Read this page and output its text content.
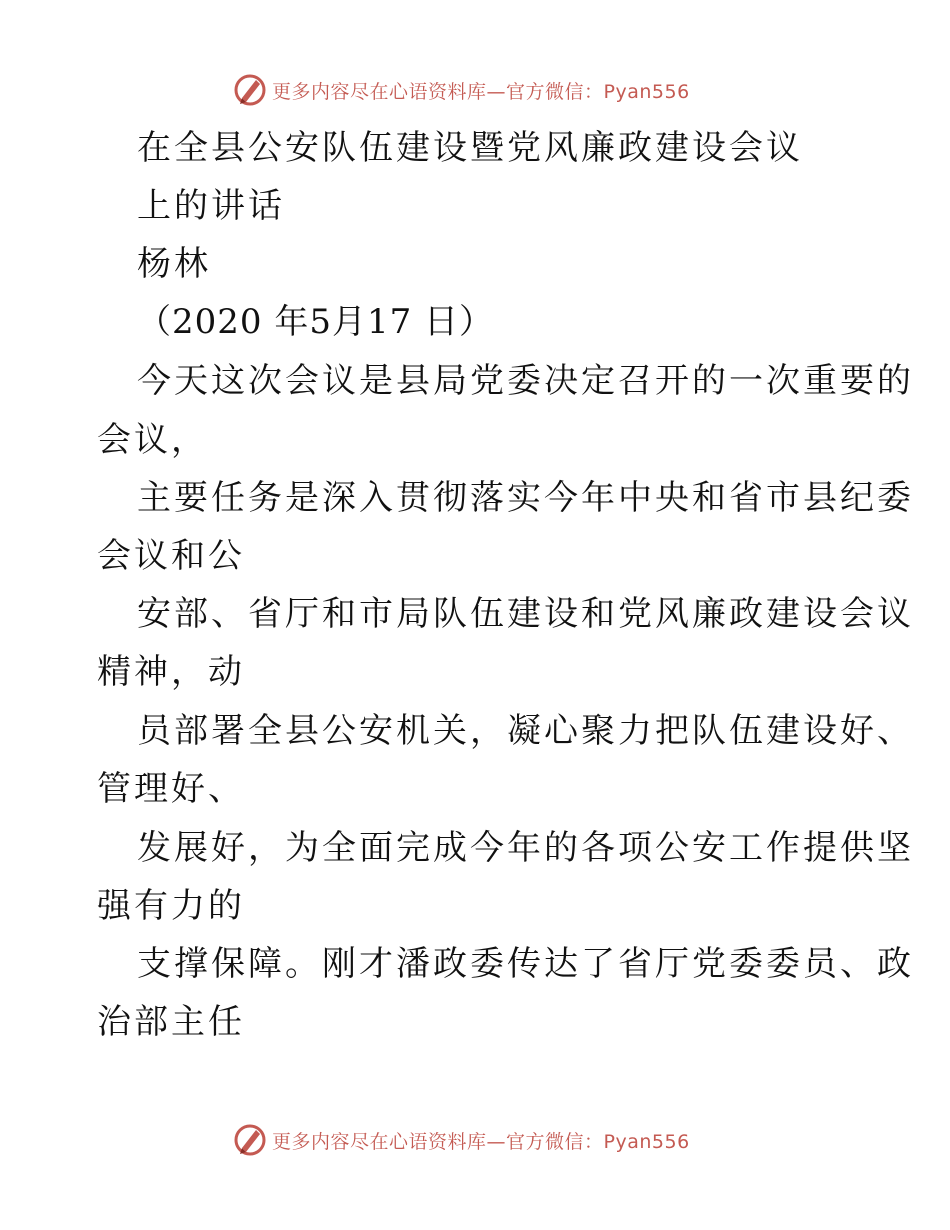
更多内容尽在心语资料库—官方微信：Pyan556
在全县公安队伍建设暨党风廉政建设会议
上的讲话
杨林
（2020 年5月17 日）
今天这次会议是县局党委决定召开的一次重要的
会议，
主要任务是深入贯彻落实今年中央和省市县纪委
会议和公
安部、省厅和市局队伍建设和党风廉政建设会议
精神，动
员部署全县公安机关，凝心聚力把队伍建设好、
管理好、
发展好，为全面完成今年的各项公安工作提供坚
强有力的
支撑保障。刚才潘政委传达了省厅党委委员、政
治部主任
更多内容尽在心语资料库—官方微信：Pyan556
